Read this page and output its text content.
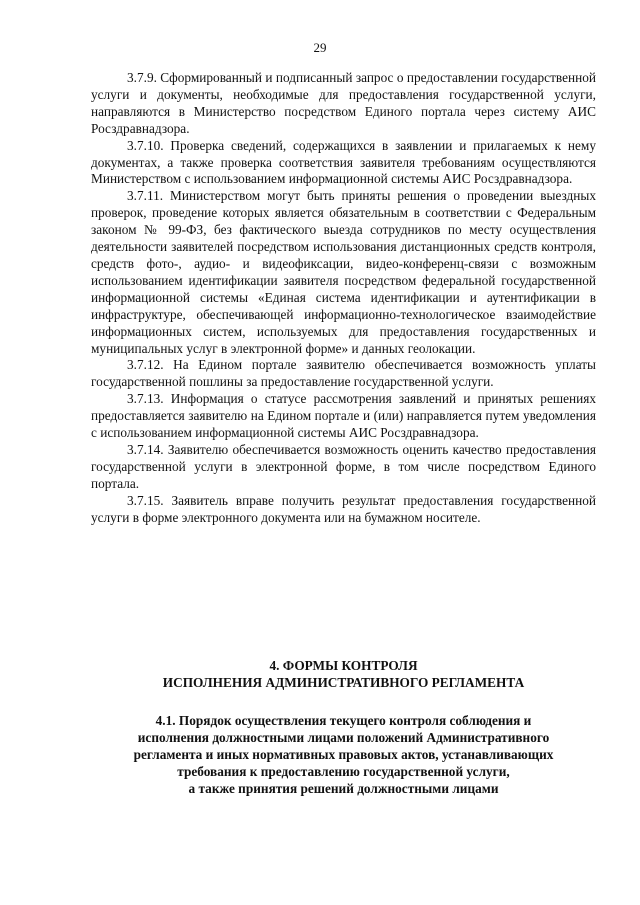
29

3.7.9. Сформированный и подписанный запрос о предоставлении государственной услуги и документы, необходимые для предоставления государственной услуги, направляются в Министерство посредством Единого портала через систему АИС Росздравнадзора.

3.7.10. Проверка сведений, содержащихся в заявлении и прилагаемых к нему документах, а также проверка соответствия заявителя требованиям осуществляются Министерством с использованием информационной системы АИС Росздравнадзора.

3.7.11. Министерством могут быть приняты решения о проведении выездных проверок, проведение которых является обязательным в соответствии с Федеральным законом № 99-ФЗ, без фактического выезда сотрудников по месту осуществления деятельности заявителей посредством использования дистанционных средств контроля, средств фото-, аудио- и видеофиксации, видео-конференц-связи с возможным использованием идентификации заявителя посредством федеральной государственной информационной системы «Единая система идентификации и аутентификации в инфраструктуре, обеспечивающей информационно-технологическое взаимодействие информационных систем, используемых для предоставления государственных и муниципальных услуг в электронной форме» и данных геолокации.

3.7.12. На Едином портале заявителю обеспечивается возможность уплаты государственной пошлины за предоставление государственной услуги.

3.7.13. Информация о статусе рассмотрения заявлений и принятых решениях предоставляется заявителю на Едином портале и (или) направляется путем уведомления с использованием информационной системы АИС Росздравнадзора.

3.7.14. Заявителю обеспечивается возможность оценить качество предоставления государственной услуги в электронной форме, в том числе посредством Единого портала.

3.7.15. Заявитель вправе получить результат предоставления государственной услуги в форме электронного документа или на бумажном носителе.

4. ФОРМЫ КОНТРОЛЯ
ИСПОЛНЕНИЯ АДМИНИСТРАТИВНОГО РЕГЛАМЕНТА
4.1. Порядок осуществления текущего контроля соблюдения и
исполнения должностными лицами положений Административного
регламента и иных нормативных правовых актов, устанавливающих
требования к предоставлению государственной услуги,
а также принятия решений должностными лицами
